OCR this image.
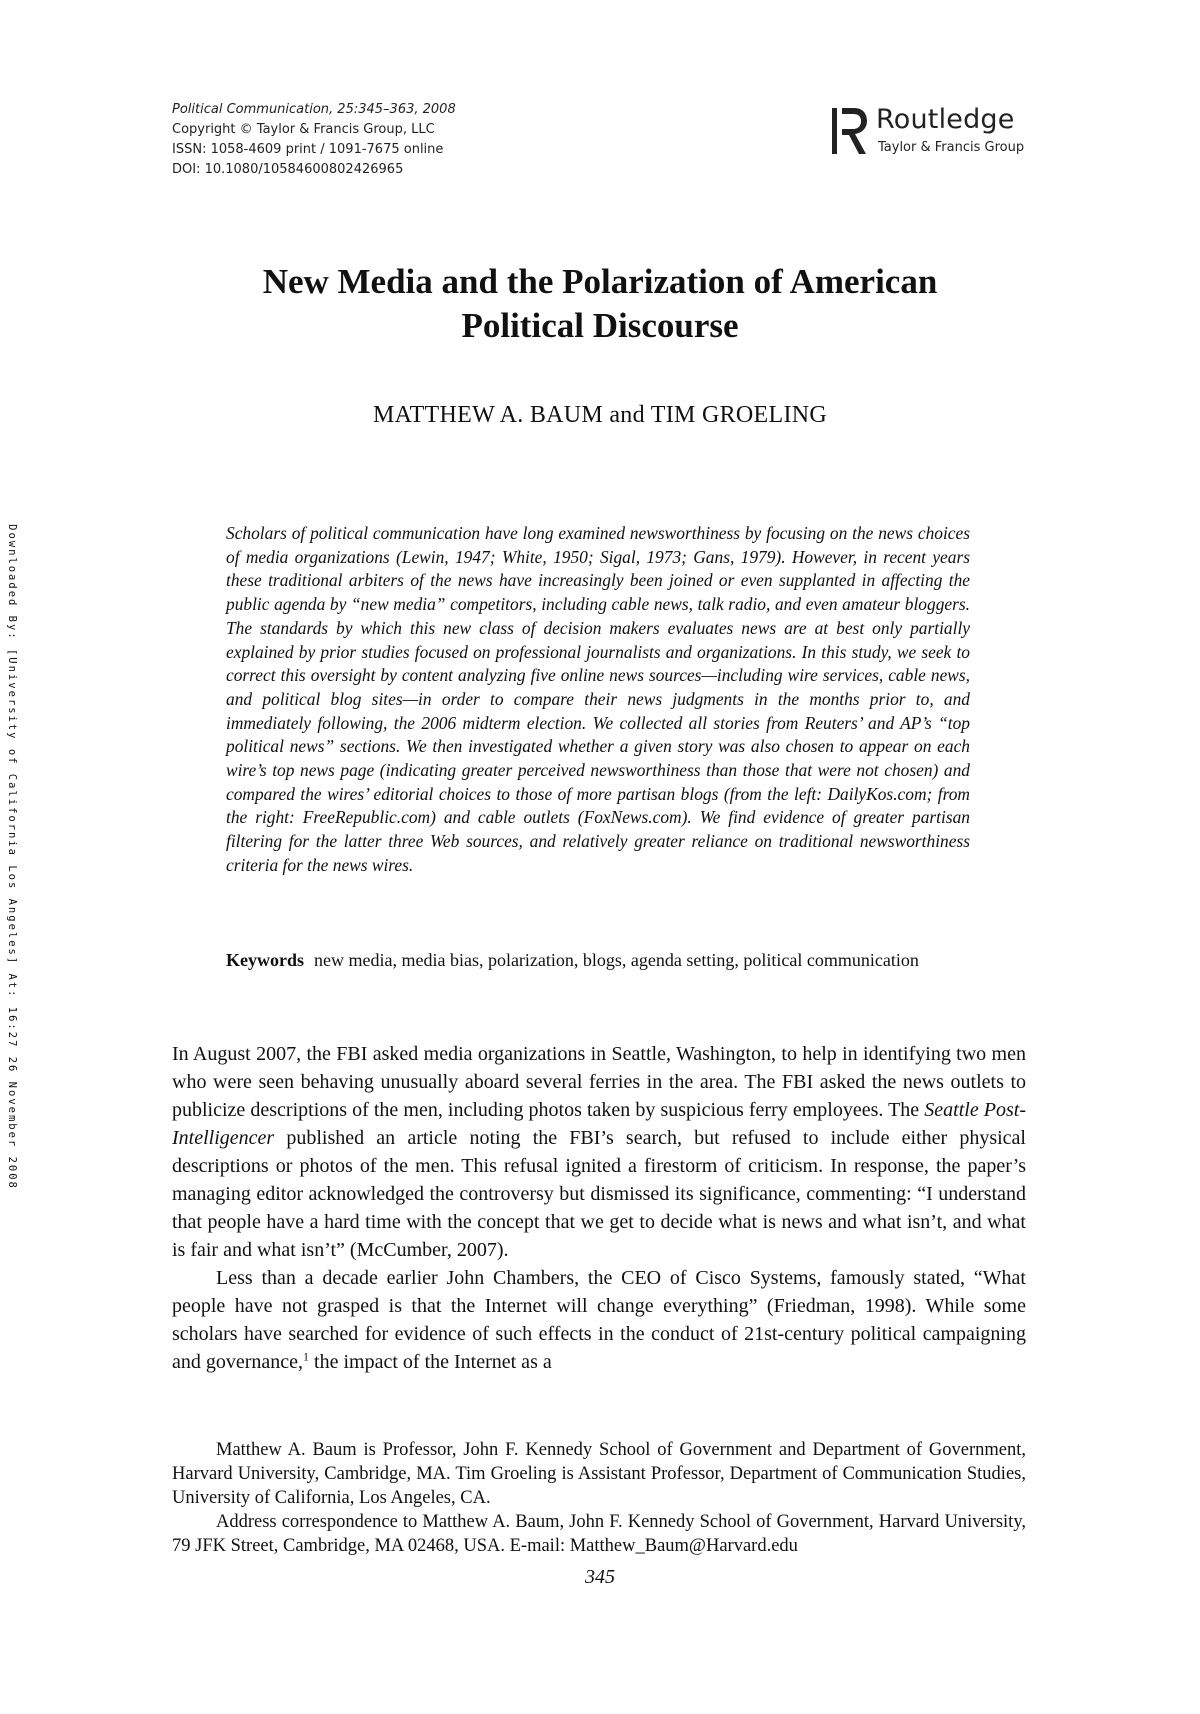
Political Communication, 25:345–363, 2008
Copyright © Taylor & Francis Group, LLC
ISSN: 1058-4609 print / 1091-7675 online
DOI: 10.1080/10584600802426965
Routledge
Taylor & Francis Group
New Media and the Polarization of American
Political Discourse
MATTHEW A. BAUM and TIM GROELING
Downloaded By: [University of California Los Angeles] At: 16:27 26 November 2008	Scholars of political communication have long examined newsworthiness by focusing on the news choices of media organizations (Lewin, 1947; White, 1950; Sigal, 1973; Gans, 1979). However, in recent years these traditional arbiters of the news have increasingly been joined or even supplanted in affecting the public agenda by “new media” competitors, including cable news, talk radio, and even amateur bloggers. The standards by which this new class of decision makers evaluates news are at best only partially explained by prior studies focused on professional journalists and organizations. In this study, we seek to correct this oversight by content analyzing five online news sources—including wire services, cable news, and political blog sites—in order to compare their news judgments in the months prior to, and immediately following, the 2006 midterm election. We collected all stories from Reuters’ and AP’s “top political news” sections. We then investigated whether a given story was also chosen to appear on each wire’s top news page (indicating greater perceived newsworthiness than those that were not chosen) and compared the wires’ editorial choices to those of more partisan blogs (from the left: DailyKos.com; from the right: FreeRepublic.com) and cable outlets (FoxNews.com). We find evidence of greater partisan filtering for the latter three Web sources, and relatively greater reliance on traditional newsworthiness criteria for the news wires.
Keywords new media, media bias, polarization, blogs, agenda setting, political communication

In August 2007, the FBI asked media organizations in Seattle, Washington, to help in identifying two men who were seen behaving unusually aboard several ferries in the area. The FBI asked the news outlets to publicize descriptions of the men, including photos taken by suspicious ferry employees. The Seattle Post-Intelligencer published an article noting the FBI’s search, but refused to include either physical descriptions or photos of the men. This refusal ignited a firestorm of criticism. In response, the paper’s managing editor acknowledged the controversy but dismissed its significance, commenting: “I understand that people have a hard time with the concept that we get to decide what is news and what isn’t, and what is fair and what isn’t” (McCumber, 2007).

Less than a decade earlier John Chambers, the CEO of Cisco Systems, famously stated, “What people have not grasped is that the Internet will change everything” (Friedman, 1998). While some scholars have searched for evidence of such effects in the conduct of 21st-century political campaigning and governance,$^1$ the impact of the Internet as a

Matthew A. Baum is Professor, John F. Kennedy School of Government and Department of Government, Harvard University, Cambridge, MA. Tim Groeling is Assistant Professor, Department of Communication Studies, University of California, Los Angeles, CA.

Address correspondence to Matthew A. Baum, John F. Kennedy School of Government, Harvard University, 79 JFK Street, Cambridge, MA 02468, USA. E-mail: Matthew_Baum@Harvard.edu

345
